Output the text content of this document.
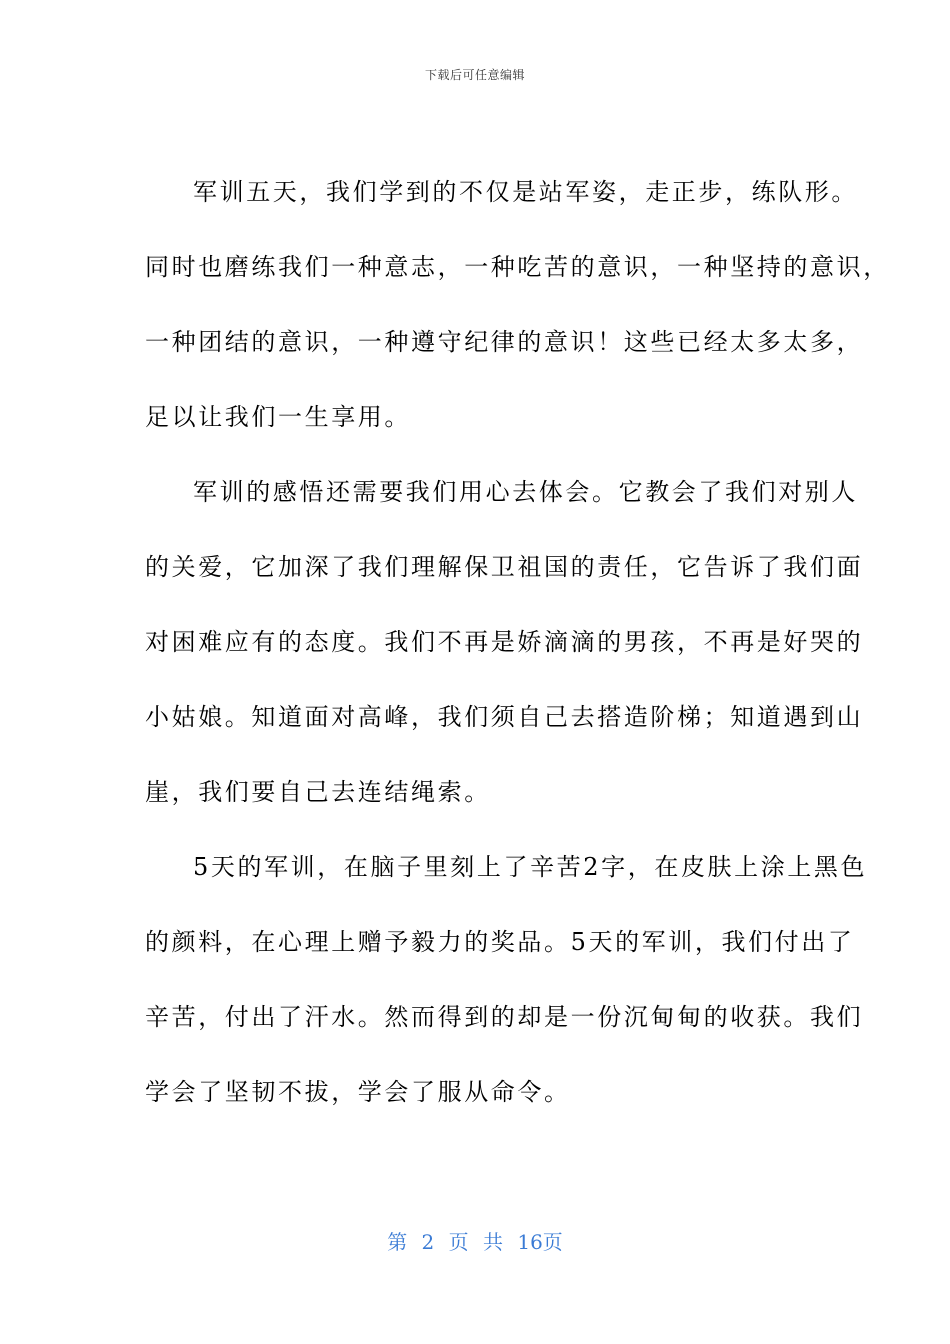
下载后可任意编辑
军训五天，我们学到的不仅是站军姿，走正步，练队形。
同时也磨练我们一种意志，一种吃苦的意识，一种坚持的意识，
一种团结的意识，一种遵守纪律的意识！这些已经太多太多，
足以让我们一生享用。
军训的感悟还需要我们用心去体会。它教会了我们对别人
的关爱，它加深了我们理解保卫祖国的责任，它告诉了我们面
对困难应有的态度。我们不再是娇滴滴的男孩，不再是好哭的
小姑娘。知道面对高峰，我们须自己去搭造阶梯；知道遇到山
崖，我们要自己去连结绳索。
5天的军训，在脑子里刻上了辛苦2字，在皮肤上涂上黑色
的颜料，在心理上赠予毅力的奖品。5天的军训，我们付出了
辛苦，付出了汗水。然而得到的却是一份沉甸甸的收获。我们
学会了坚韧不拔，学会了服从命令。
第 2 页 共 16页
